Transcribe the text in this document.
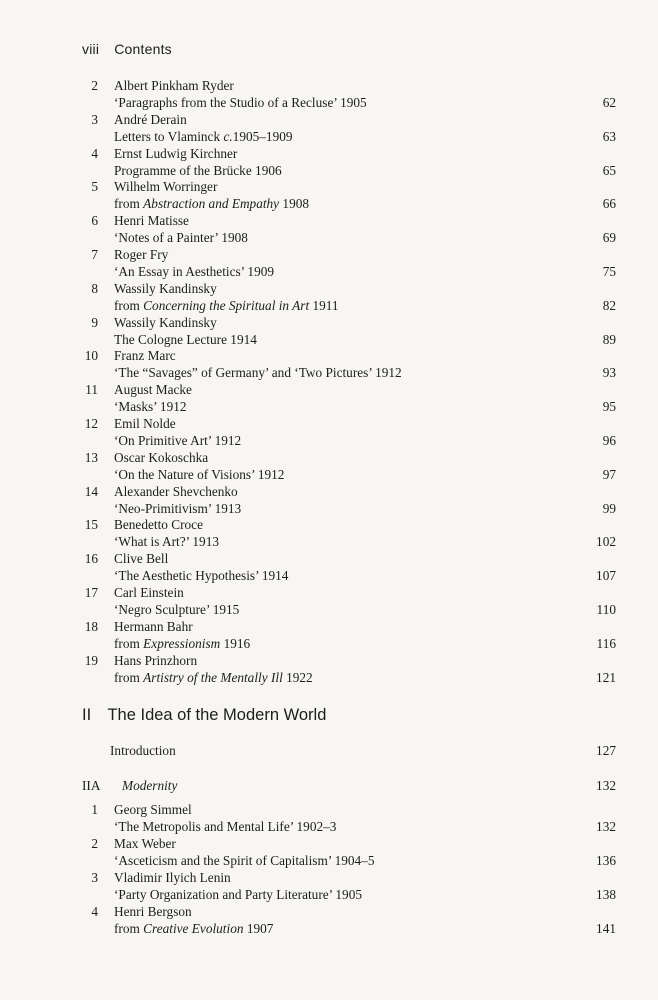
viii Contents
2 Albert Pinkham Ryder
‘Paragraphs from the Studio of a Recluse’ 1905	62
3 André Derain
Letters to Vlaminck c.1905–1909	63
4 Ernst Ludwig Kirchner
Programme of the Brücke 1906	65
5 Wilhelm Worringer
from Abstraction and Empathy 1908	66
6 Henri Matisse
‘Notes of a Painter’ 1908	69
7 Roger Fry
‘An Essay in Aesthetics’ 1909	75
8 Wassily Kandinsky
from Concerning the Spiritual in Art 1911	82
9 Wassily Kandinsky
The Cologne Lecture 1914	89
10 Franz Marc
‘The “Savages” of Germany’ and ‘Two Pictures’ 1912	93
11 August Macke
‘Masks’ 1912	95
12 Emil Nolde
‘On Primitive Art’ 1912	96
13 Oscar Kokoschka
‘On the Nature of Visions’ 1912	97
14 Alexander Shevchenko
‘Neo-Primitivism’ 1913	99
15 Benedetto Croce
‘What is Art?’ 1913	102
16 Clive Bell
‘The Aesthetic Hypothesis’ 1914	107
17 Carl Einstein
‘Negro Sculpture’ 1915	110
18 Hermann Bahr
from Expressionism 1916	116
19 Hans Prinzhorn
from Artistry of the Mentally Ill 1922	121
II The Idea of the Modern World
Introduction	127
IIA Modernity	132
1 Georg Simmel
‘The Metropolis and Mental Life’ 1902–3	132
2 Max Weber
‘Asceticism and the Spirit of Capitalism’ 1904–5	136
3 Vladimir Ilyich Lenin
‘Party Organization and Party Literature’ 1905	138
4 Henri Bergson
from Creative Evolution 1907	141
